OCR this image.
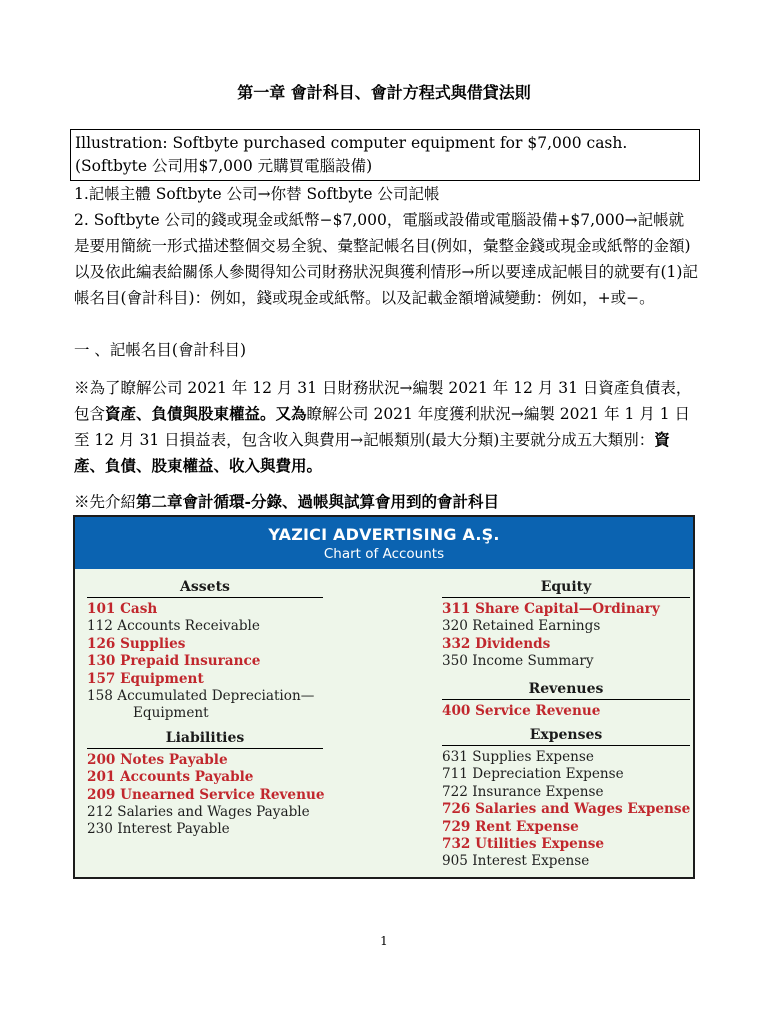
第一章 會計科目、會計方程式與借貸法則
Illustration: Softbyte purchased computer equipment for $7,000 cash. (Softbyte 公司用$7,000 元購買電腦設備)
1.記帳主體 Softbyte 公司→你替 Softbyte 公司記帳
2. Softbyte 公司的錢或現金或紙幣−$7,000，電腦或設備或電腦設備+$7,000→記帳就是要用簡統一形式描述整個交易全貌、彙整記帳名目(例如，彙整金錢或現金或紙幣的金額)以及依此編表給關係人參閱得知公司財務狀況與獲利情形→所以要達成記帳目的就要有(1)記帳名目(會計科目)：例如，錢或現金或紙幣。以及記載金額增減變動：例如，+或−。
一 、記帳名目(會計科目)
※為了瞭解公司 2021 年 12 月 31 日財務狀況→編製 2021 年 12 月 31 日資產負債表，包含資產、負債與股東權益。又為瞭解公司 2021 年度獲利狀況→編製 2021 年 1 月 1 日至 12 月 31 日損益表，包含收入與費用→記帳類別(最大分類)主要就分成五大類別：資產、負債、股東權益、收入與費用。
※先介紹第二章會計循環-分錄、過帳與試算會用到的會計科目
YAZICI ADVERTISING A.Ş.
Chart of Accounts
Assets
101 Cash
112 Accounts Receivable
126 Supplies
130 Prepaid Insurance
157 Equipment
158 Accumulated Depreciation—
Equipment
Liabilities
200 Notes Payable
201 Accounts Payable
209 Unearned Service Revenue
212 Salaries and Wages Payable
230 Interest Payable
Equity
311 Share Capital—Ordinary
320 Retained Earnings
332 Dividends
350 Income Summary
Revenues
400 Service Revenue
Expenses
631 Supplies Expense
711 Depreciation Expense
722 Insurance Expense
726 Salaries and Wages Expense
729 Rent Expense
732 Utilities Expense
905 Interest Expense
1
